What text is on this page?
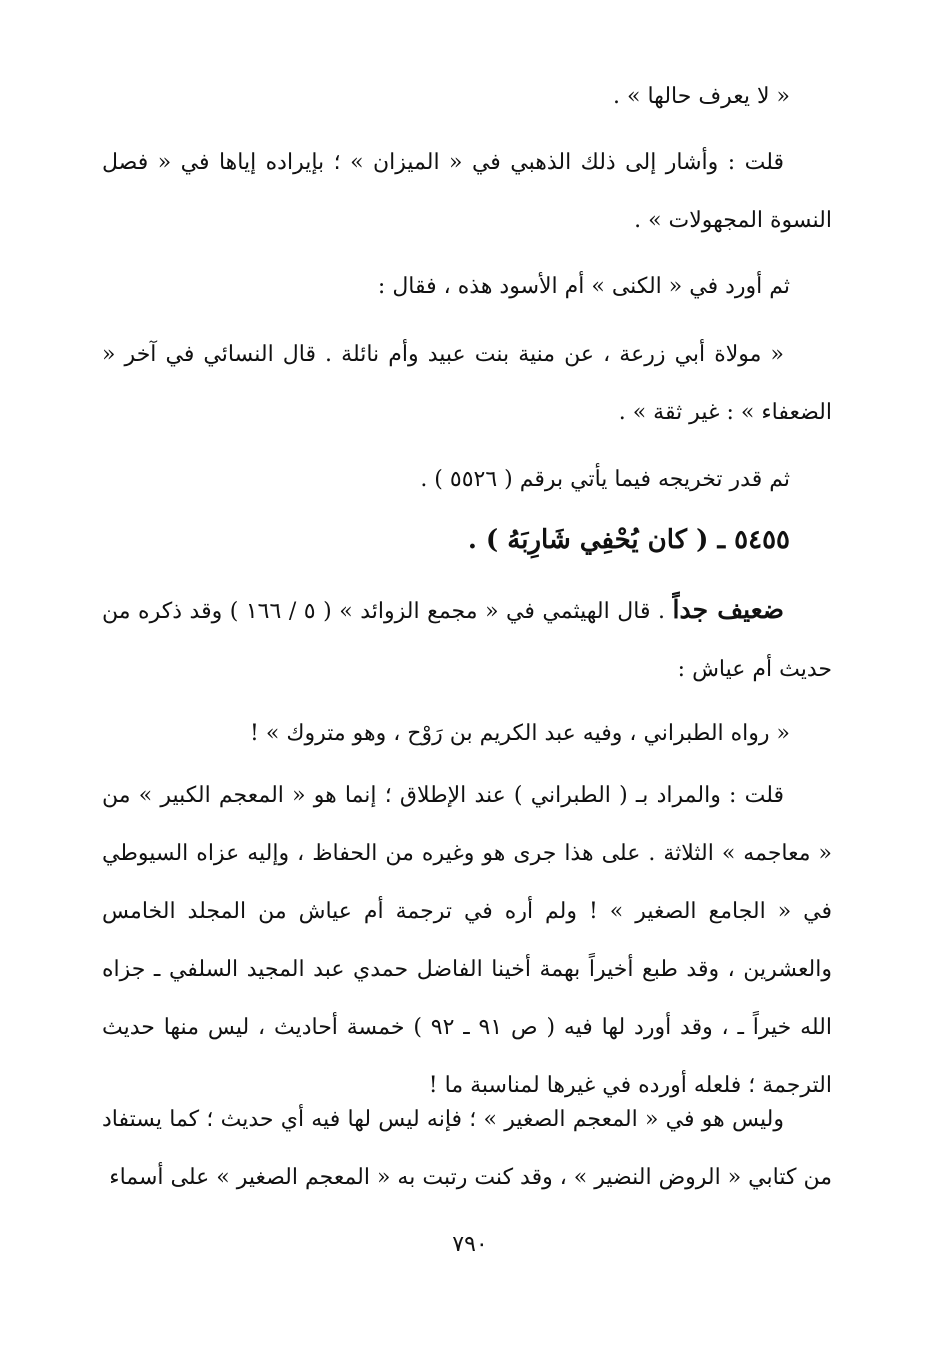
« لا يعرف حالها » .

قلت : وأشار إلى ذلك الذهبي في « الميزان » ؛ بإيراده إياها في « فصل النسوة المجهولات » .

ثم أورد في « الكنى » أم الأسود هذه ، فقال :

« مولاة أبي زرعة ، عن منية بنت عبيد وأم نائلة . قال النسائي في آخر « الضعفاء » : غير ثقة » .

ثم قدر تخريجه فيما يأتي برقم ( ٥٥٢٦ ) .

٥٤٥٥ ـ ( كان يُحْفِي شَارِبَهُ ) .

ضعيف جداً . قال الهيثمي في « مجمع الزوائد » ( ٥ / ١٦٦ ) وقد ذكره من حديث أم عياش :

« رواه الطبراني ، وفيه عبد الكريم بن رَوْح ، وهو متروك » !

قلت : والمراد بـ ( الطبراني ) عند الإطلاق ؛ إنما هو « المعجم الكبير » من « معاجمه » الثلاثة . على هذا جرى هو وغيره من الحفاظ ، وإليه عزاه السيوطي في « الجامع الصغير » ! ولم أره في ترجمة أم عياش من المجلد الخامس والعشرين ، وقد طبع أخيراً بهمة أخينا الفاضل حمدي عبد المجيد السلفي ـ جزاه الله خيراً ـ ، وقد أورد لها فيه ( ص ٩١ ـ ٩٢ ) خمسة أحاديث ، ليس منها حديث الترجمة ؛ فلعله أورده في غيرها لمناسبة ما !

وليس هو في « المعجم الصغير » ؛ فإنه ليس لها فيه أي حديث ؛ كما يستفاد من كتابي « الروض النضير » ، وقد كنت رتبت به « المعجم الصغير » على أسماء

٧٩٠
